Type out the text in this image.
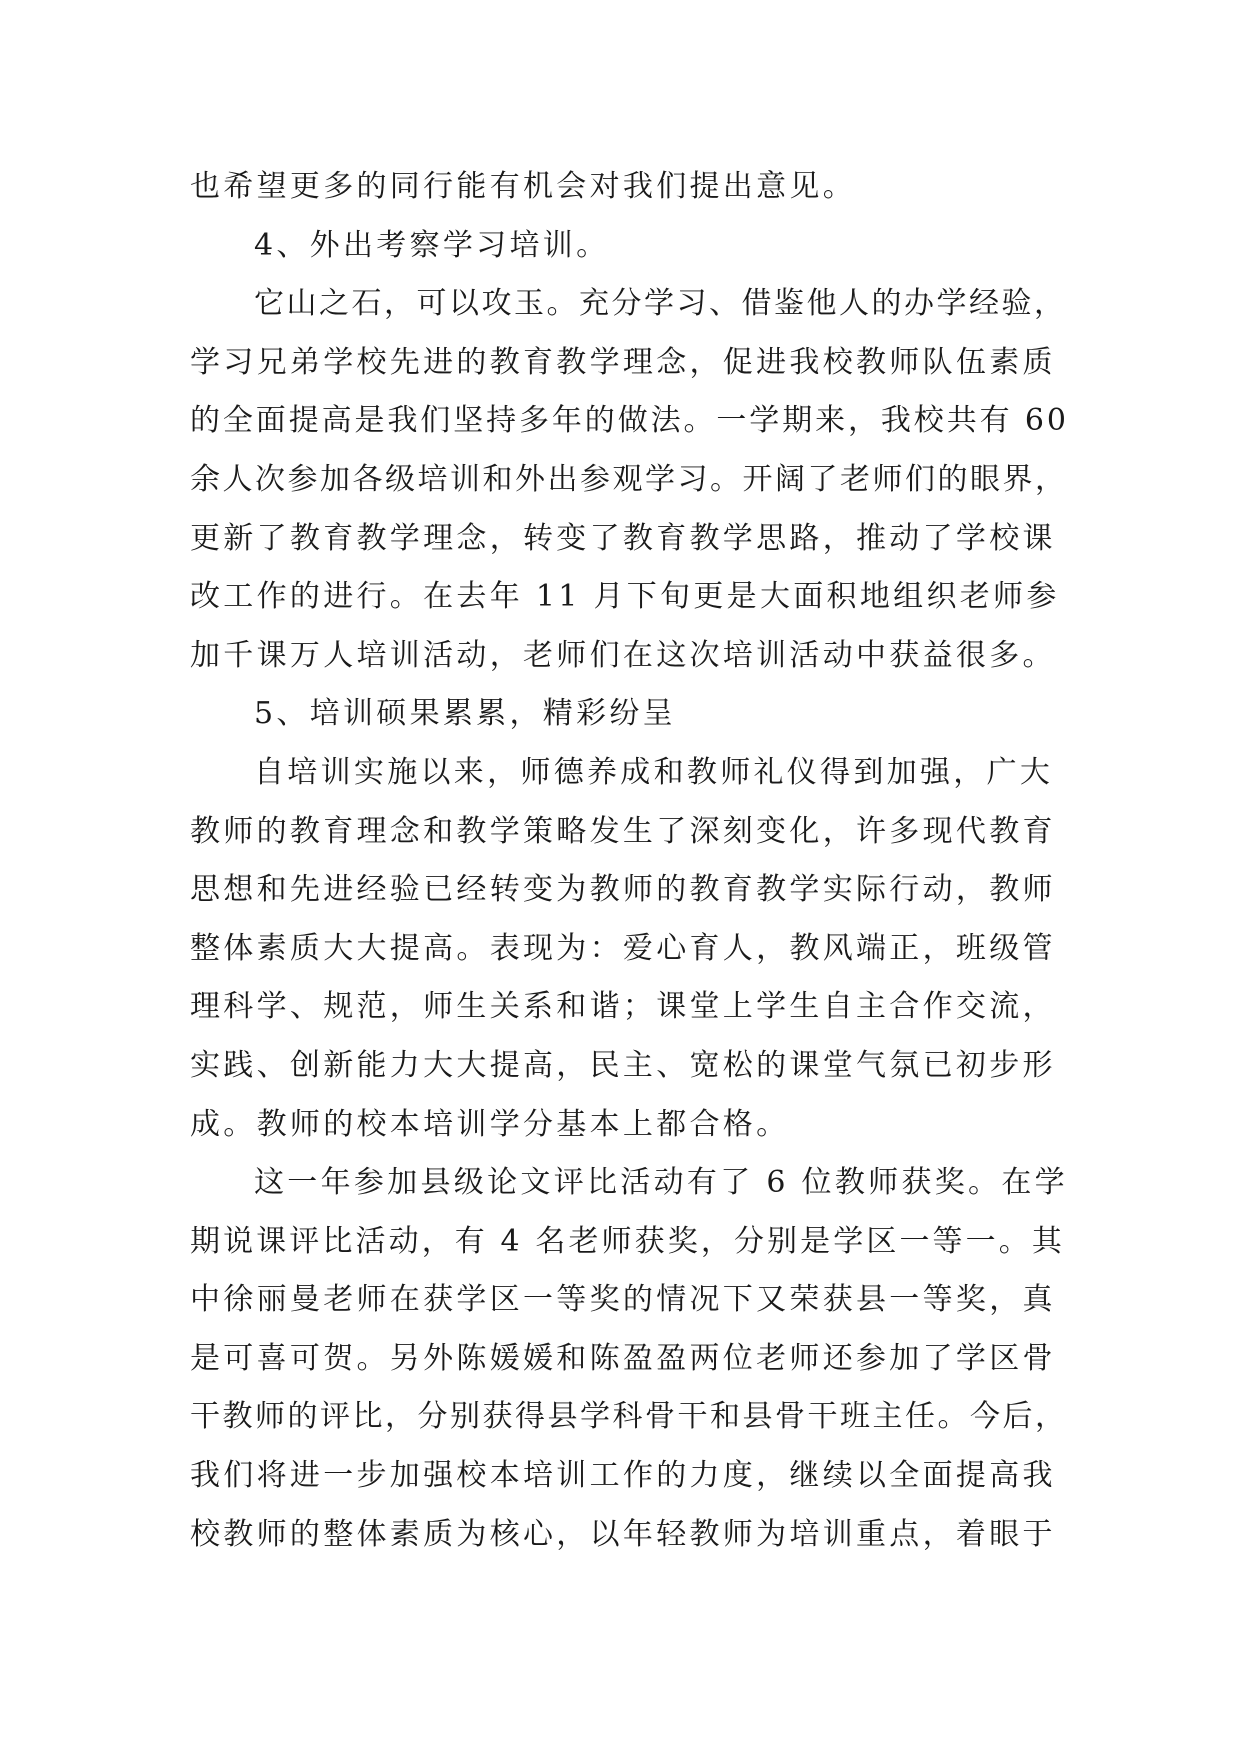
也希望更多的同行能有机会对我们提出意见。
4、外出考察学习培训。
它山之石，可以攻玉。充分学习、借鉴他人的办学经验，
学习兄弟学校先进的教育教学理念，促进我校教师队伍素质
的全面提高是我们坚持多年的做法。一学期来，我校共有 60
余人次参加各级培训和外出参观学习。开阔了老师们的眼界，
更新了教育教学理念，转变了教育教学思路，推动了学校课
改工作的进行。在去年 11 月下旬更是大面积地组织老师参
加千课万人培训活动，老师们在这次培训活动中获益很多。
5、培训硕果累累，精彩纷呈
自培训实施以来，师德养成和教师礼仪得到加强，广大
教师的教育理念和教学策略发生了深刻变化，许多现代教育
思想和先进经验已经转变为教师的教育教学实际行动，教师
整体素质大大提高。表现为：爱心育人，教风端正，班级管
理科学、规范，师生关系和谐；课堂上学生自主合作交流，
实践、创新能力大大提高，民主、宽松的课堂气氛已初步形
成。教师的校本培训学分基本上都合格。
这一年参加县级论文评比活动有了 6 位教师获奖。在学
期说课评比活动，有 4 名老师获奖，分别是学区一等一。其
中徐丽曼老师在获学区一等奖的情况下又荣获县一等奖，真
是可喜可贺。另外陈媛媛和陈盈盈两位老师还参加了学区骨
干教师的评比，分别获得县学科骨干和县骨干班主任。今后，
我们将进一步加强校本培训工作的力度，继续以全面提高我
校教师的整体素质为核心，以年轻教师为培训重点，着眼于
